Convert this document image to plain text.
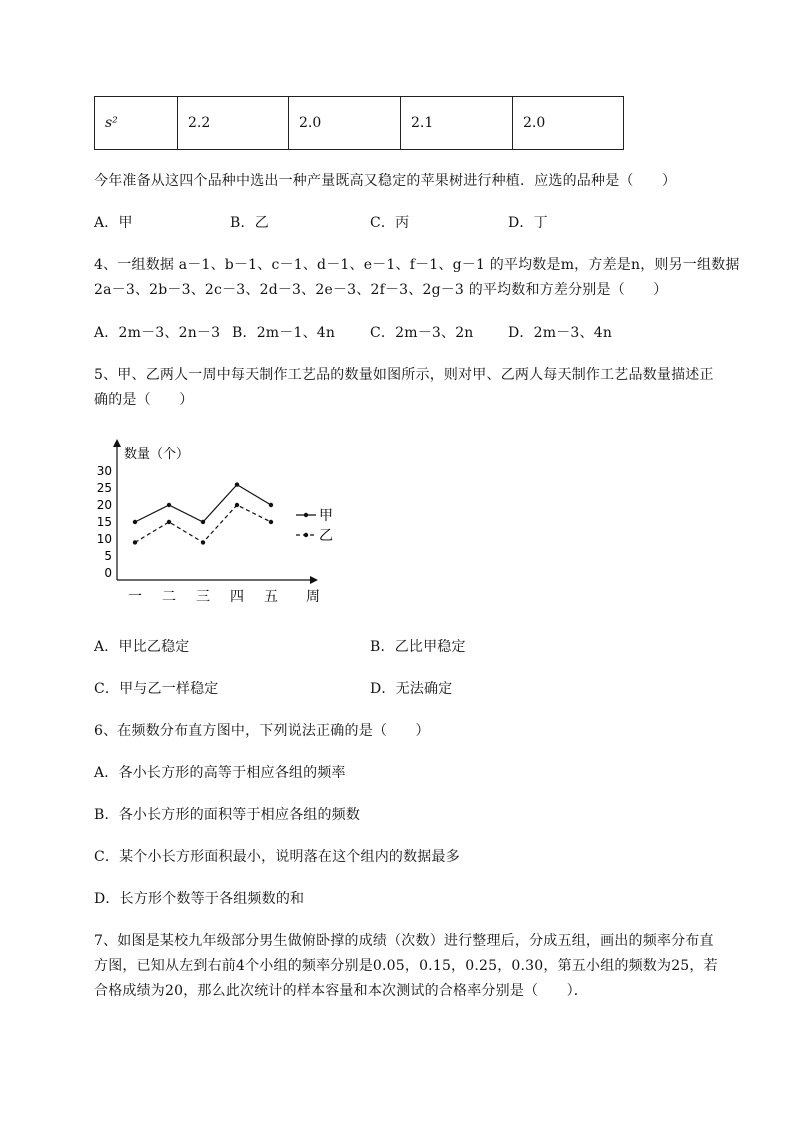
s²	2.2	2.0	2.1	2.0
今年准备从这四个品种中选出一种产量既高又稳定的苹果树进行种植．应选的品种是（　　）
A．甲	B．乙	C．丙	D．丁
4、一组数据 a－1、b－1、c－1、d－1、e－1、f－1、g－1 的平均数是m，方差是n，则另一组数据
2a－3、2b－3、2c－3、2d－3、2e－3、2f－3、2g－3 的平均数和方差分别是（　　）
A．2m－3、2n－3 B．2m－1、4n C．2m－3、2n D．2m－3、4n
5、甲、乙两人一周中每天制作工艺品的数量如图所示，则对甲、乙两人每天制作工艺品数量描述正
确的是（　　）
数量（个）
周
0
5
10
15
20
25
30
一 二 三 四 五
甲
乙
A．甲比乙稳定	B．乙比甲稳定
C．甲与乙一样稳定	D．无法确定
6、在频数分布直方图中，下列说法正确的是（　　）
A．各小长方形的高等于相应各组的频率
B．各小长方形的面积等于相应各组的频数
C．某个小长方形面积最小，说明落在这个组内的数据最多
D．长方形个数等于各组频数的和
7、如图是某校九年级部分男生做俯卧撑的成绩（次数）进行整理后，分成五组，画出的频率分布直
方图，已知从左到右前4个小组的频率分别是0.05，0.15，0.25，0.30，第五小组的频数为25，若
合格成绩为20，那么此次统计的样本容量和本次测试的合格率分别是（　　）．
